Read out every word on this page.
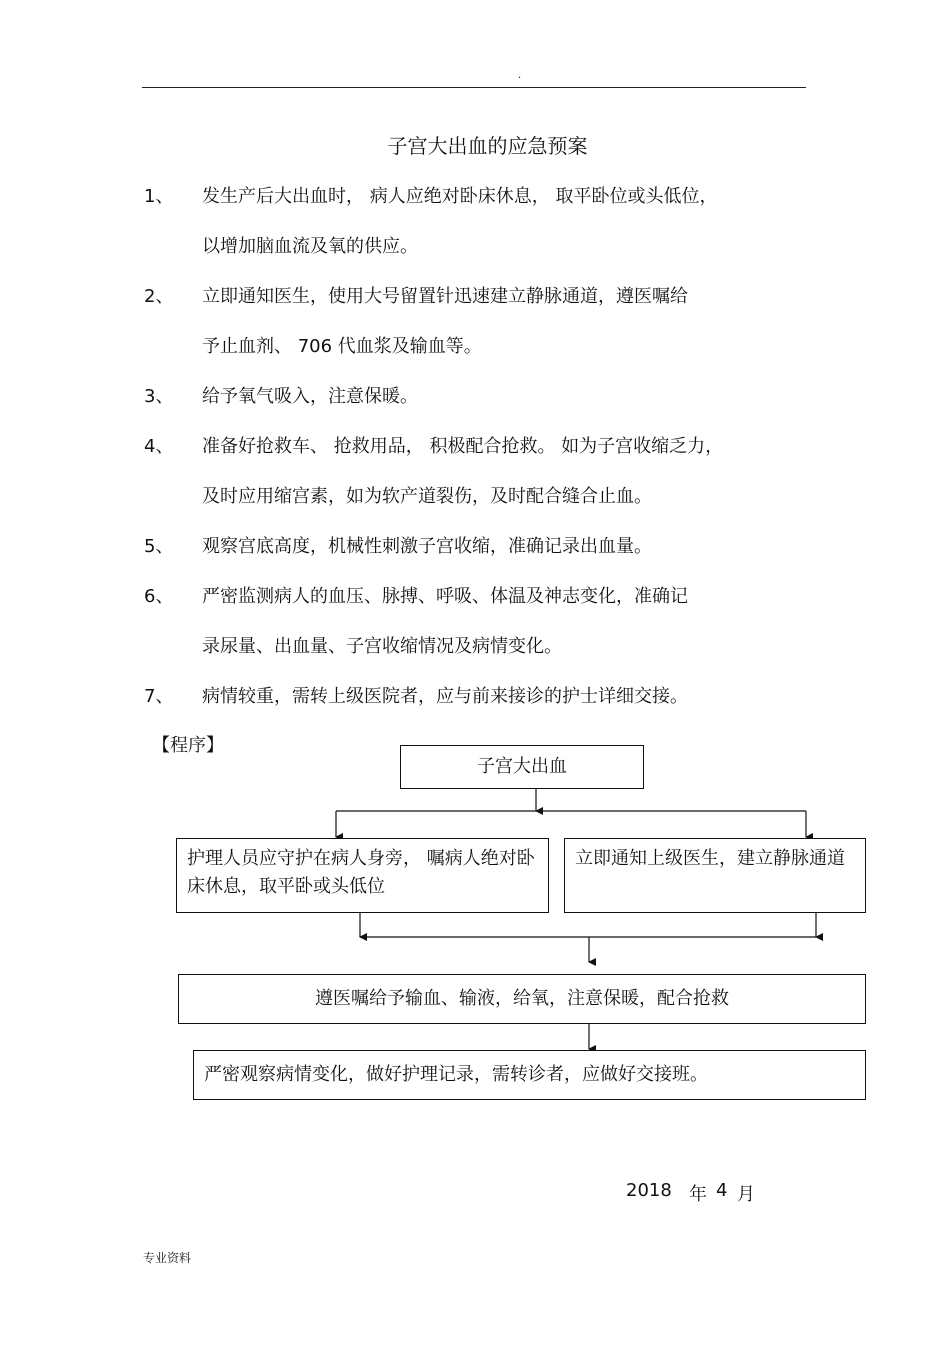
.
子宫大出血的应急预案
1、 发生产后大出血时， 病人应绝对卧床休息， 取平卧位或头低位，
以增加脑血流及氧的供应。
2、 立即通知医生，使用大号留置针迅速建立静脉通道，遵医嘱给
予止血剂、 706 代血浆及输血等。
3、 给予氧气吸入，注意保暖。
4、 准备好抢救车、 抢救用品， 积极配合抢救。 如为子宫收缩乏力，
及时应用缩宫素，如为软产道裂伤，及时配合缝合止血。
5、 观察宫底高度，机械性刺激子宫收缩，准确记录出血量。
6、 严密监测病人的血压、脉搏、呼吸、体温及神志变化，准确记
录尿量、出血量、子宫收缩情况及病情变化。
7、 病情较重，需转上级医院者，应与前来接诊的护士详细交接。
【程序】
子宫大出血
护理人员应守护在病人身旁， 嘱病人绝对卧床休息，取平卧或头低位
立即通知上级医生，建立静脉通道
遵医嘱给予输血、输液，给氧，注意保暖，配合抢救
严密观察病情变化，做好护理记录，需转诊者，应做好交接班。
2018 年 4 月
专业资料
